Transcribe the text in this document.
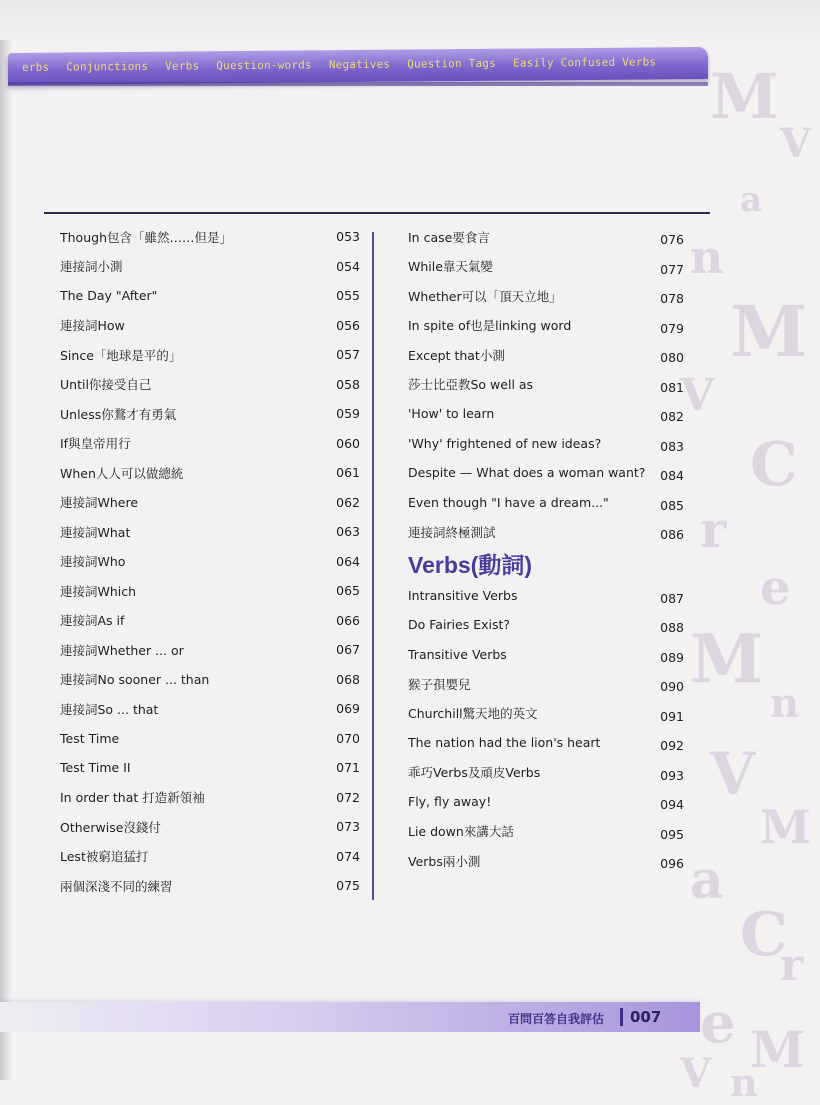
erbs Conjunctions Verbs Question-words Negatives Question Tags Easily Confused Verbs M
V
a
n
M
V
C
r
e
M
n
V
M
a
C
r
e M
V n
Though包含「雖然……但是」	053
連接詞小測	054
The Day "After"	055
連接詞How	056
Since「地球是平的」	057
Until你接受自己	058
Unless你鶩才有勇氣	059
If與皇帝用行	060
When人人可以做總統	061
連接詞Where	062
連接詞What	063
連接詞Who	064
連接詞Which	065
連接詞As if	066
連接詞Whether ... or	067
連接詞No sooner ... than	068
連接詞So ... that	069
Test Time	070
Test Time II	071
In order that 打造新領袖	072
Otherwise沒錢付	073
Lest被窮追猛打	074
兩個深淺不同的練習	075
In case要食言	076
While靠天氣變	077
Whether可以「頂天立地」	078
In spite of也是linking word	079
Except that小測	080
莎士比亞教So well as	081
'How' to learn	082
'Why' frightened of new ideas?	083
Despite — What does a woman want? 084
Even though "I have a dream..."	085
連接詞終極測試	086
Verbs(動詞)
Intransitive Verbs	087
Do Fairies Exist?	088
Transitive Verbs	089
猴子孭嬰兒	090
Churchill驚天地的英文	091
The nation had the lion's heart	092
乖巧Verbs及頑皮Verbs	093
Fly, fly away!	094
Lie down來講大話	095
Verbs兩小測	096
百問百答自我評估 007
